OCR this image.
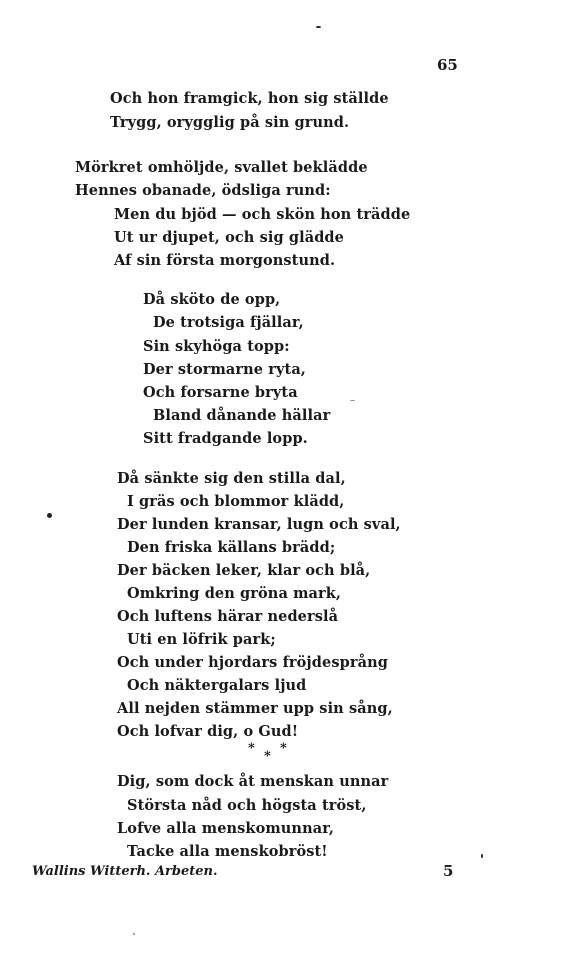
65
Och hon framgick, hon sig ställde
Trygg, orygglig på sin grund.
Mörkret omhöljde, svallet beklädde
Hennes obanade, ödsliga rund:
Men du bjöd — och skön hon trädde
Ut ur djupet, och sig glädde
Af sin första morgonstund.
Då sköto de opp,
De trotsiga fjällar,
Sin skyhöga topp:
Der stormarne ryta,
Och forsarne bryta
Bland dånande hällar
Sitt fradgande lopp.
Då sänkte sig den stilla dal,
I gräs och blommor klädd,
Der lunden kransar, lugn och sval,
Den friska källans brädd;
Der bäcken leker, klar och blå,
Omkring den gröna mark,
Och luftens härar nederslå
Uti en löfrik park;
Och under hjordars fröjdesprång
Och näktergalars ljud
All nejden stämmer upp sin sång,
Och lofvar dig, o Gud!
*
*
*
Dig, som dock åt menskan unnar
Största nåd och högsta tröst,
Lofve alla menskomunnar,
Tacke alla menskobröst!
Wallins Witterh. Arbeten.	5
